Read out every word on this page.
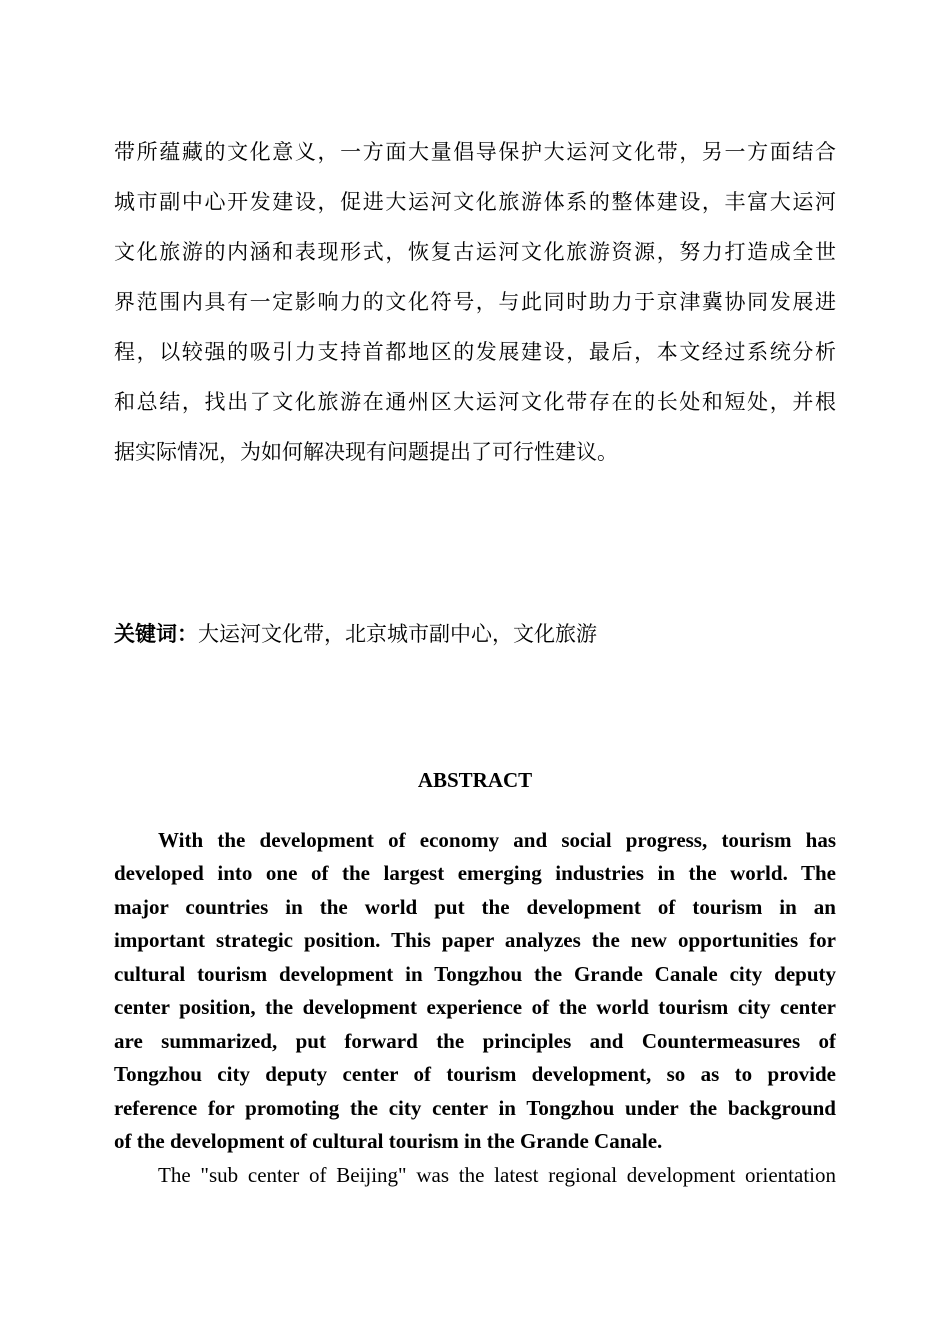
带所蕴藏的文化意义，一方面大量倡导保护大运河文化带，另一方面结合
城市副中心开发建设，促进大运河文化旅游体系的整体建设，丰富大运河
文化旅游的内涵和表现形式，恢复古运河文化旅游资源，努力打造成全世
界范围内具有一定影响力的文化符号，与此同时助力于京津冀协同发展进
程，以较强的吸引力支持首都地区的发展建设，最后，本文经过系统分析
和总结，找出了文化旅游在通州区大运河文化带存在的长处和短处，并根
据实际情况，为如何解决现有问题提出了可行性建议。
关键词：大运河文化带，北京城市副中心，文化旅游
ABSTRACT
With the development of economy and social progress, tourism has
developed into one of the largest emerging industries in the world. The
major countries in the world put the development of tourism in an
important strategic position. This paper analyzes the new opportunities for
cultural tourism development in Tongzhou the Grande Canale city deputy
center position, the development experience of the world tourism city center
are summarized, put forward the principles and Countermeasures of
Tongzhou city deputy center of tourism development, so as to provide
reference for promoting the city center in Tongzhou under the background
of the development of cultural tourism in the Grande Canale.
The "sub center of Beijing" was the latest regional development orientation
